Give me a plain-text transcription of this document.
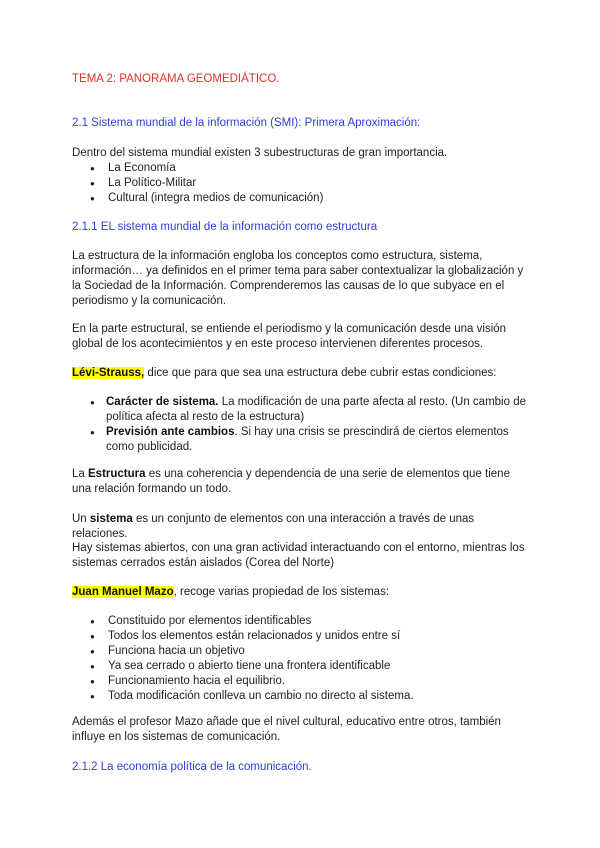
TEMA 2: PANORAMA GEOMEDIÁTICO.

2.1 Sistema mundial de la información (SMI): Primera Aproximación:

Dentro del sistema mundial existen 3 subestructuras de gran importancia.

● La Economía
● La Político-Militar
● Cultural (integra medios de comunicación)

2.1.1 EL sistema mundial de la información como estructura

La estructura de la información engloba los conceptos como estructura, sistema, información… ya definidos en el primer tema para saber contextualizar la globalización y la Sociedad de la Información. Comprenderemos las causas de lo que subyace en el periodismo y la comunicación.

En la parte estructural, se entiende el periodismo y la comunicación desde una visión global de los acontecimientos y en este proceso intervienen diferentes procesos.

Lévi-Strauss, dice que para que sea una estructura debe cubrir estas condiciones:

● Carácter de sistema. La modificación de una parte afecta al resto. (Un cambio de política afecta al resto de la estructura)
● Previsión ante cambios. Si hay una crisis se prescindirá de ciertos elementos como publicidad.

La Estructura es una coherencia y dependencia de una serie de elementos que tiene una relación formando un todo.

Un sistema es un conjunto de elementos con una interacción a través de unas relaciones.

Hay sistemas abiertos, con una gran actividad interactuando con el entorno, mientras los sistemas cerrados están aislados (Corea del Norte)

Juan Manuel Mazo, recoge varias propiedad de los sistemas:

● Constituido por elementos identificables
● Todos los elementos están relacionados y unidos entre sí
● Funciona hacia un objetivo
● Ya sea cerrado o abierto tiene una frontera identificable
● Funcionamiento hacia el equilibrio.
● Toda modificación conlleva un cambio no directo al sistema.

Además el profesor Mazo añade que el nivel cultural, educativo entre otros, también influye en los sistemas de comunicación.

2.1.2 La economía política de la comunicación.
